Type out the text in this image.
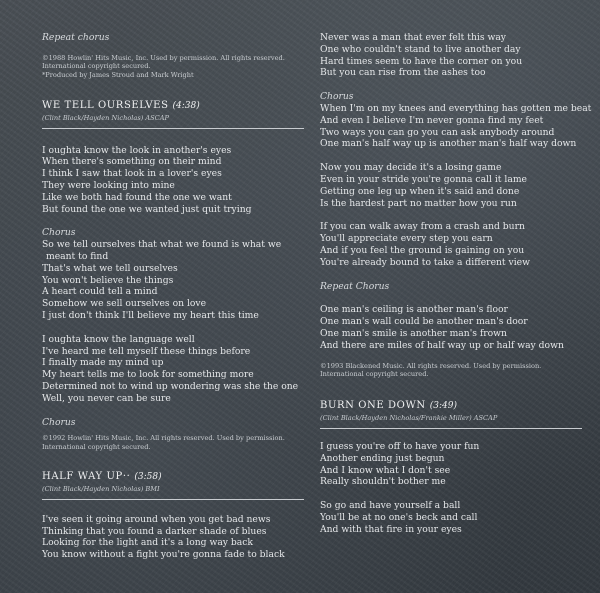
Repeat chorus
©1988 Howlin' Hits Music, Inc. Used by permission. All rights reserved.
International copyright secured.
*Produced by James Stroud and Mark Wright
WE TELL OURSELVES (4:38)
(Clint Black/Hayden Nicholas) ASCAP
I oughta know the look in another's eyes
When there's something on their mind
I think I saw that look in a lover's eyes
They were looking into mine
Like we both had found the one we want
But found the one we wanted just quit trying
Chorus
So we tell ourselves that what we found is what we
meant to find
That's what we tell ourselves
You won't believe the things
A heart could tell a mind
Somehow we sell ourselves on love
I just don't think I'll believe my heart this time
I oughta know the language well
I've heard me tell myself these things before
I finally made my mind up
My heart tells me to look for something more
Determined not to wind up wondering was she the one
Well, you never can be sure
Chorus
©1992 Howlin' Hits Music, Inc. All rights reserved. Used by permission.
International copyright secured.
HALF WAY UP·· (3:58)
(Clint Black/Hayden Nicholas) BMI
I've seen it going around when you get bad news
Thinking that you found a darker shade of blues
Looking for the light and it's a long way back
You know without a fight you're gonna fade to black
Never was a man that ever felt this way
One who couldn't stand to live another day
Hard times seem to have the corner on you
But you can rise from the ashes too
Chorus
When I'm on my knees and everything has gotten me beat
And even I believe I'm never gonna find my feet
Two ways you can go you can ask anybody around
One man's half way up is another man's half way down
Now you may decide it's a losing game
Even in your stride you're gonna call it lame
Getting one leg up when it's said and done
Is the hardest part no matter how you run
If you can walk away from a crash and burn
You'll appreciate every step you earn
And if you feel the ground is gaining on you
You're already bound to take a different view
Repeat Chorus
One man's ceiling is another man's floor
One man's wall could be another man's door
One man's smile is another man's frown
And there are miles of half way up or half way down
©1993 Blackened Music. All rights reserved. Used by permission.
International copyright secured.
BURN ONE DOWN (3:49)
(Clint Black/Hayden Nicholas/Frankie Miller) ASCAP
I guess you're off to have your fun
Another ending just begun
And I know what I don't see
Really shouldn't bother me
So go and have yourself a ball
You'll be at no one's beck and call
And with that fire in your eyes
